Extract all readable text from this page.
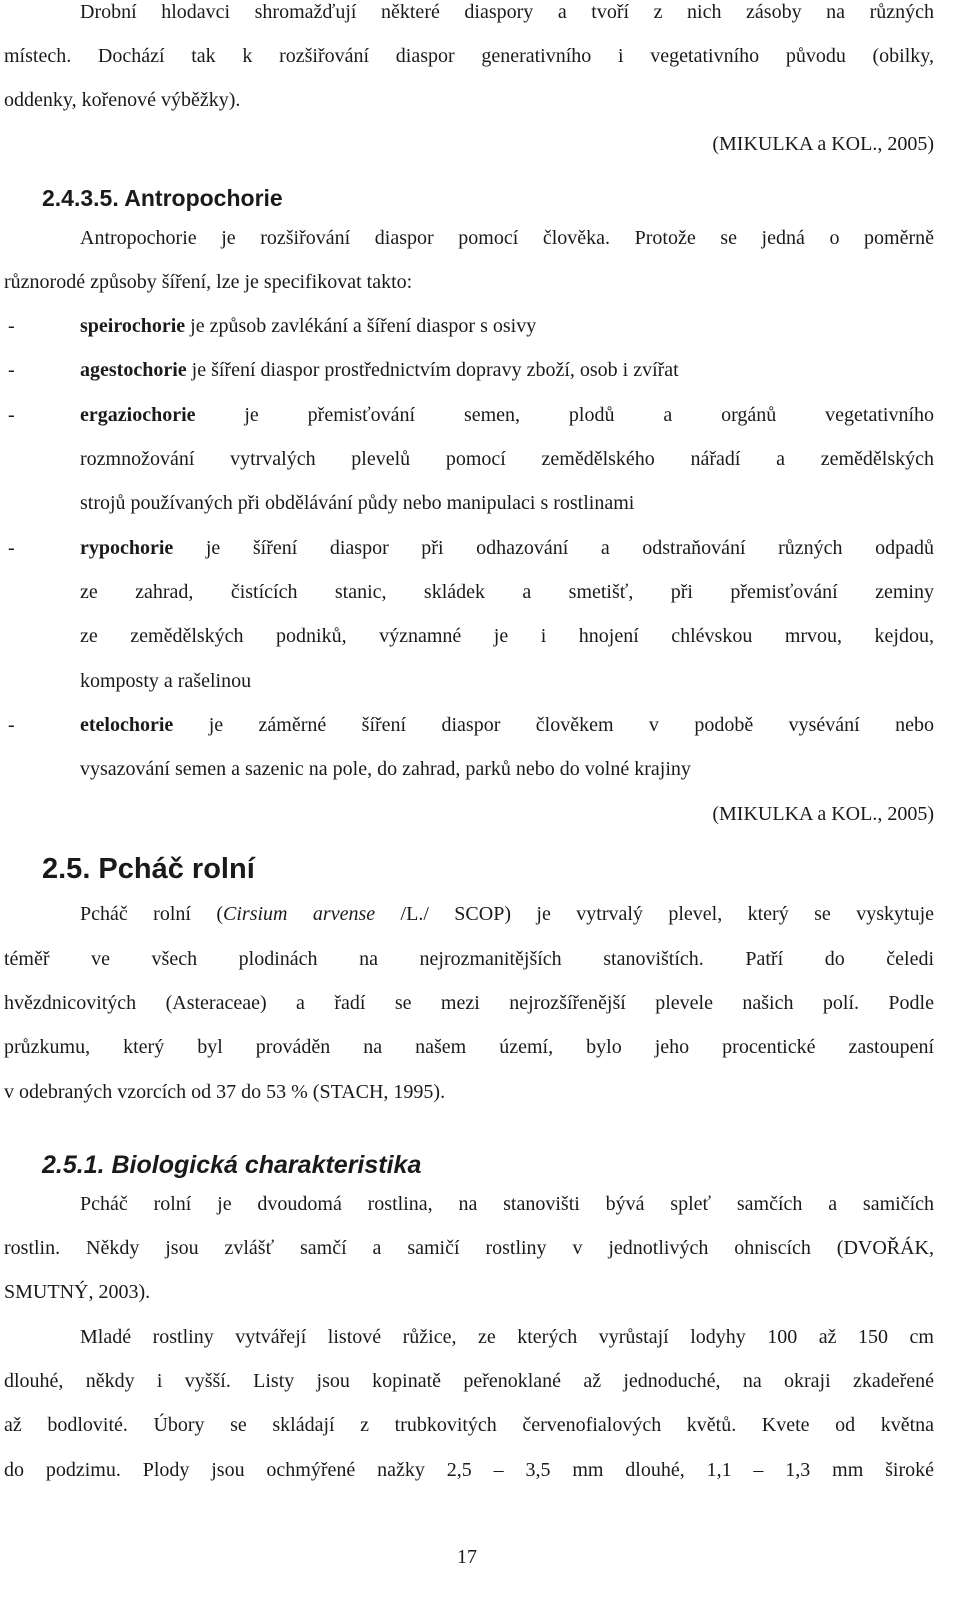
Drobní hlodavci shromažďují některé diaspory a tvoří z nich zásoby na různých
místech. Dochází tak k rozšiřování diaspor generativního i vegetativního původu (obilky,
oddenky, kořenové výběžky).
(MIKULKA a KOL., 2005)
2.4.3.5. Antropochorie
Antropochorie je rozšiřování diaspor pomocí člověka. Protože se jedná o poměrně
různorodé způsoby šíření, lze je specifikovat takto:
-	speirochorie je způsob zavlékání a šíření diaspor s osivy
-	agestochorie je šíření diaspor prostřednictvím dopravy zboží, osob i zvířat
-	ergaziochorie je přemisťování semen, plodů a orgánů vegetativního
rozmnožování vytrvalých plevelů pomocí zemědělského nářadí a zemědělských
strojů používaných při obdělávání půdy nebo manipulaci s rostlinami
-	rypochorie je šíření diaspor při odhazování a odstraňování různých odpadů
ze zahrad, čistících stanic, skládek a smetišť, při přemisťování zeminy
ze zemědělských podniků, významné je i hnojení chlévskou mrvou, kejdou,
komposty a rašelinou
-	etelochorie je záměrné šíření diaspor člověkem v podobě vysévání nebo
vysazování semen a sazenic na pole, do zahrad, parků nebo do volné krajiny
(MIKULKA a KOL., 2005)
2.5. Pcháč rolní
Pcháč rolní (Cirsium arvense /L./ SCOP) je vytrvalý plevel, který se vyskytuje
téměř ve všech plodinách na nejrozmanitějších stanovištích. Patří do čeledi
hvězdnicovitých (Asteraceae) a řadí se mezi nejrozšířenější plevele našich polí. Podle
průzkumu, který byl prováděn na našem území, bylo jeho procentické zastoupení
v odebraných vzorcích od 37 do 53 % (STACH, 1995).
2.5.1. Biologická charakteristika
Pcháč rolní je dvoudomá rostlina, na stanovišti bývá spleť samčích a samičích
rostlin. Někdy jsou zvlášť samčí a samičí rostliny v jednotlivých ohniscích (DVOŘÁK,
SMUTNÝ, 2003).
Mladé rostliny vytvářejí listové růžice, ze kterých vyrůstají lodyhy 100 až 150 cm
dlouhé, někdy i vyšší. Listy jsou kopinatě peřenoklané až jednoduché, na okraji zkadeřené
až bodlovité. Úbory se skládají z trubkovitých červenofialových květů. Kvete od května
do podzimu. Plody jsou ochmýřené nažky 2,5 – 3,5 mm dlouhé, 1,1 – 1,3 mm široké
17
